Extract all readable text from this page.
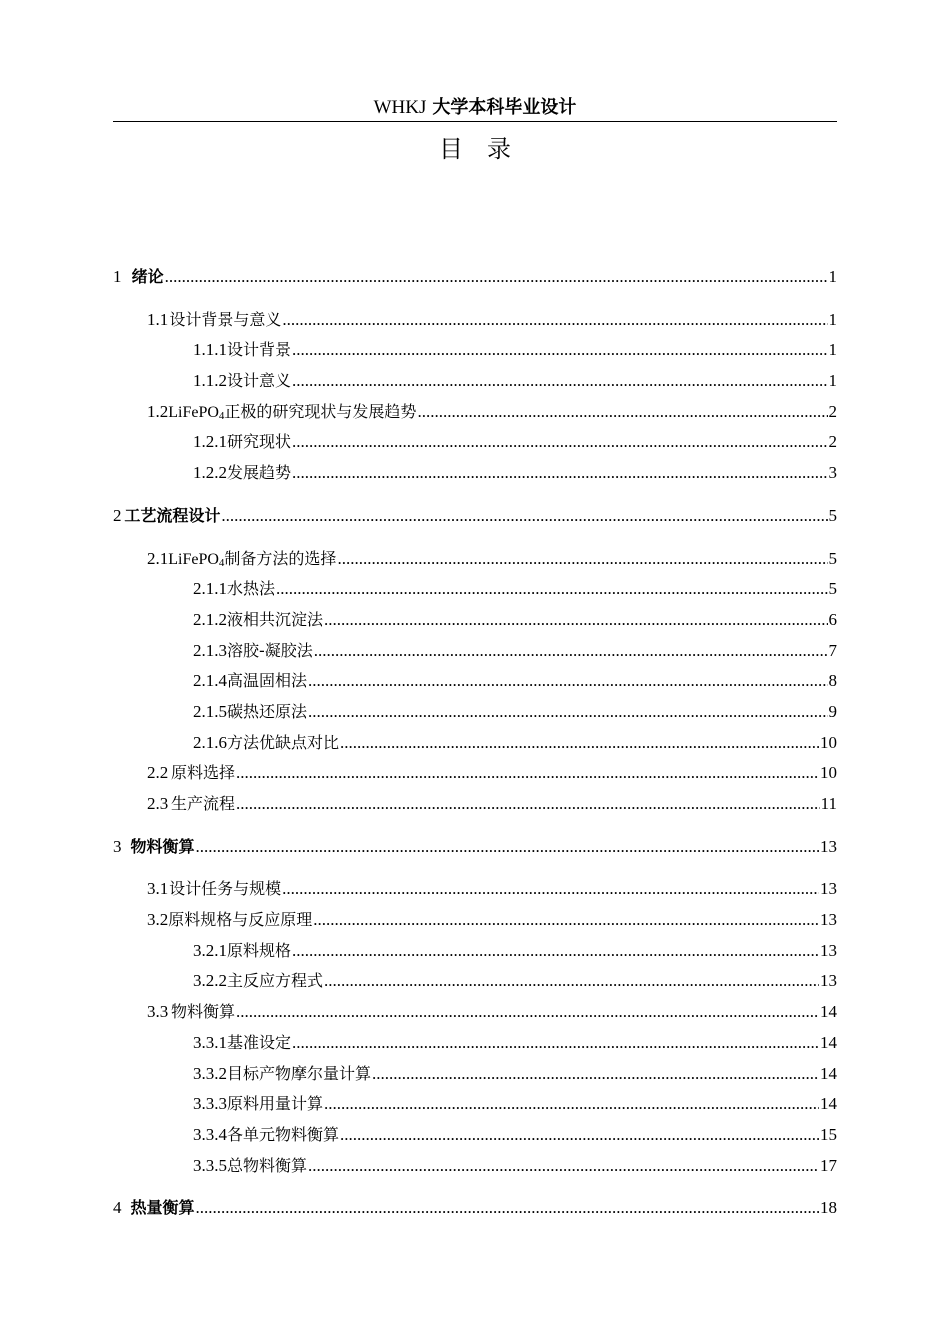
WHKJ 大学本科毕业设计
目录
1 绪论 .....	1
1.1 设计背景与意义 .....	1
1.1.1 设计背景 .....	1
1.1.2 设计意义 .....	1
1.2 LiFePO4正极的研究现状与发展趋势 .....	2
1.2.1 研究现状 .....	2
1.2.2 发展趋势 .....	3
2 工艺流程设计 .....	5
2.1 LiFePO4制备方法的选择 .....	5
2.1.1 水热法 .....	5
2.1.2 液相共沉淀法 .....	6
2.1.3 溶胶-凝胶法 .....	7
2.1.4 高温固相法 .....	8
2.1.5 碳热还原法 .....	9
2.1.6 方法优缺点对比 .....	10
2.2 原料选择 .....	10
2.3 生产流程 .....	11
3 物料衡算 .....	13
3.1 设计任务与规模 .....	13
3.2 原料规格与反应原理 .....	13
3.2.1 原料规格 .....	13
3.2.2 主反应方程式 .....	13
3.3 物料衡算 .....	14
3.3.1 基准设定 .....	14
3.3.2 目标产物摩尔量计算 .....	14
3.3.3 原料用量计算 .....	14
3.3.4 各单元物料衡算 .....	15
3.3.5 总物料衡算 .....	17
4 热量衡算 .....	18
